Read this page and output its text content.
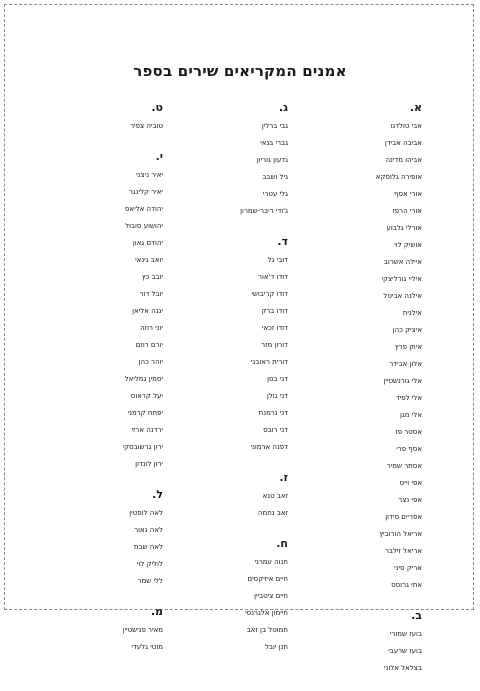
אמנים המקריאים שירים בספר
א.
אבי טולדנו
אביבה אבידן
אביהו מדינה
אופירה גלוסקא
אורי אסף
אורי הרפז
אורלי גלבוע
אושיק לוי
איילה אשרוב
איליי גורליצקי
אילנה אביטל
אילנית
איציק כהן
איתן פרץ
אלון אבידר
אלי גורנשטיין
אלי לפיד
אלי מגן
אסטר פז
אסף פרי
אסתר שמיר
אפי וייס
אפי נצר
אפריים סידון
אריאל הורוביץ
אריאל זילבר
אריק סיני
אתי גרוסס
ב.
בועז שמורי
בועז שרעבי
בצלאל אלוני
ג.
גבי ברלין
גברי בנאי
גדעון גוריון
גיל ושבב
גלי עטרי
ג'ודי ריבר-שמרון
ד.
דובי גל
דודו ד'אור
דודו קריבושי
דודו ברק
דודו זכאי
דורון מזר
דורית ראובני
דני בסן
דני גולן
דני נרמנת
דני רובס
דפנה ארמוני
ז.
זאב טנא
זאב נחמה
ח.
חנוה עמרני
חיים איזיקסים
חיים ציטביין
חיימון אלגרנסי
חמוטל בן זאב
חנן יובל
ט.
טוביה צפיר
י.
יאיר ניצני
יאיר קלינגר
יהודה אליאס
יהושוע סובול
יהודם גאון
יואב גינאי
יובב כץ
יובל דור
יגנה אליאן
יוני רוזה
יורם רוזם
יוהר כהן
יסמין גמליאל
יעל קראוס
יפתח קרמני
ירדנה ארזי
ירון גרשובסקי
ירון לונדון
ל.
לאה לופטין
לאה נאור
לאה שבת
לוליק לוי
ללי שמר
מ.
מאיר פנישטיין
מוטי גלעדי
